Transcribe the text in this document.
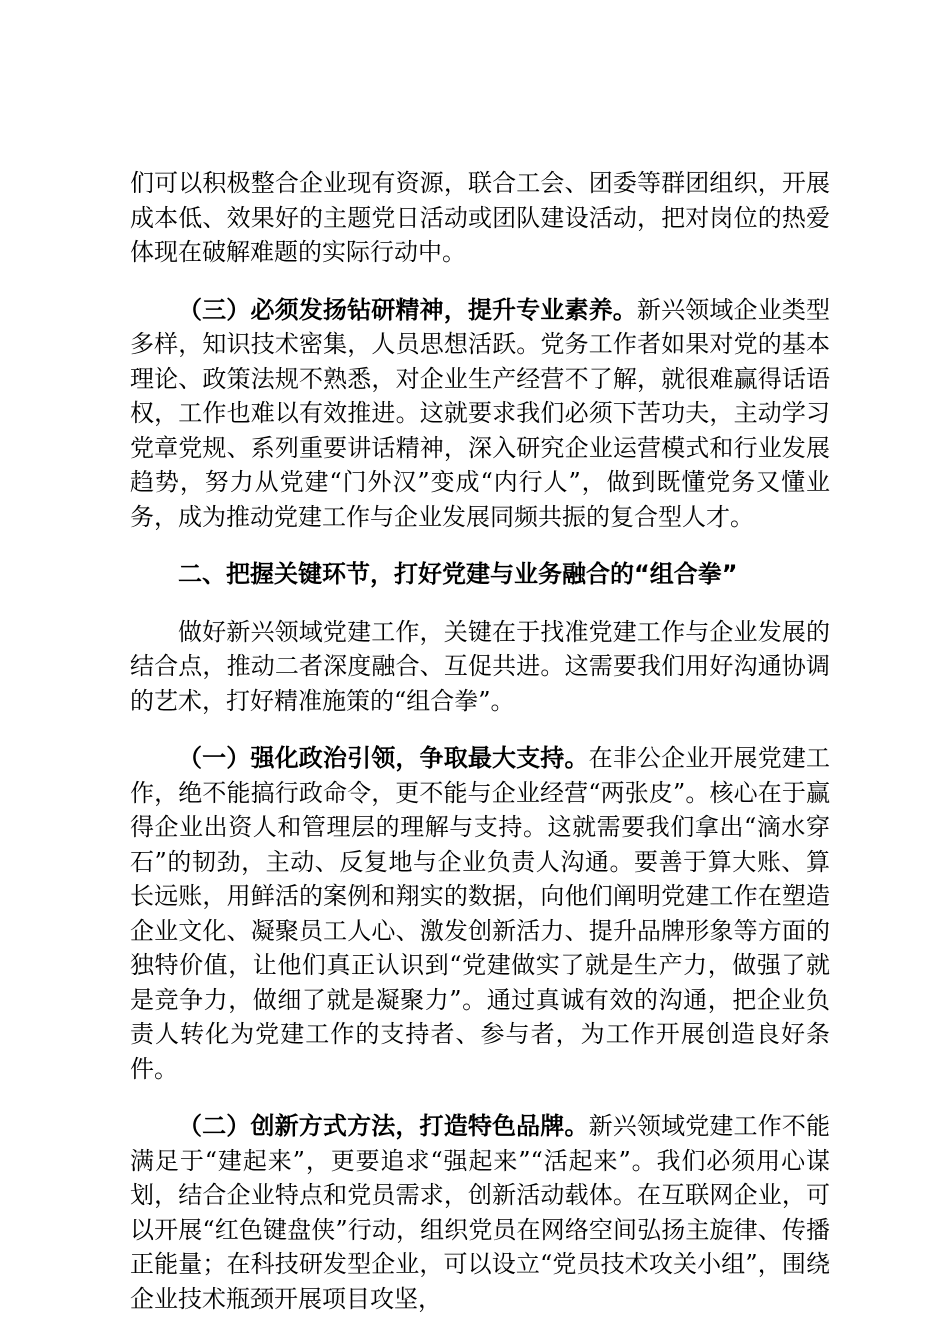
们可以积极整合企业现有资源，联合工会、团委等群团组织，开展成本低、效果好的主题党日活动或团队建设活动，把对岗位的热爱体现在破解难题的实际行动中。

（三）必须发扬钻研精神，提升专业素养。新兴领域企业类型多样，知识技术密集，人员思想活跃。党务工作者如果对党的基本理论、政策法规不熟悉，对企业生产经营不了解，就很难赢得话语权，工作也难以有效推进。这就要求我们必须下苦功夫，主动学习党章党规、系列重要讲话精神，深入研究企业运营模式和行业发展趋势，努力从党建“门外汉”变成“内行人”，做到既懂党务又懂业务，成为推动党建工作与企业发展同频共振的复合型人才。

二、把握关键环节，打好党建与业务融合的“组合拳”

做好新兴领域党建工作，关键在于找准党建工作与企业发展的结合点，推动二者深度融合、互促共进。这需要我们用好沟通协调的艺术，打好精准施策的“组合拳”。

（一）强化政治引领，争取最大支持。在非公企业开展党建工作，绝不能搞行政命令，更不能与企业经营“两张皮”。核心在于赢得企业出资人和管理层的理解与支持。这就需要我们拿出“滴水穿石”的韧劲，主动、反复地与企业负责人沟通。要善于算大账、算长远账，用鲜活的案例和翔实的数据，向他们阐明党建工作在塑造企业文化、凝聚员工人心、激发创新活力、提升品牌形象等方面的独特价值，让他们真正认识到“党建做实了就是生产力，做强了就是竞争力，做细了就是凝聚力”。通过真诚有效的沟通，把企业负责人转化为党建工作的支持者、参与者，为工作开展创造良好条件。

（二）创新方式方法，打造特色品牌。新兴领域党建工作不能满足于“建起来”，更要追求“强起来”“活起来”。我们必须用心谋划，结合企业特点和党员需求，创新活动载体。在互联网企业，可以开展“红色键盘侠”行动，组织党员在网络空间弘扬主旋律、传播正能量；在科技研发型企业，可以设立“党员技术攻关小组”，围绕企业技术瓶颈开展项目攻坚，
